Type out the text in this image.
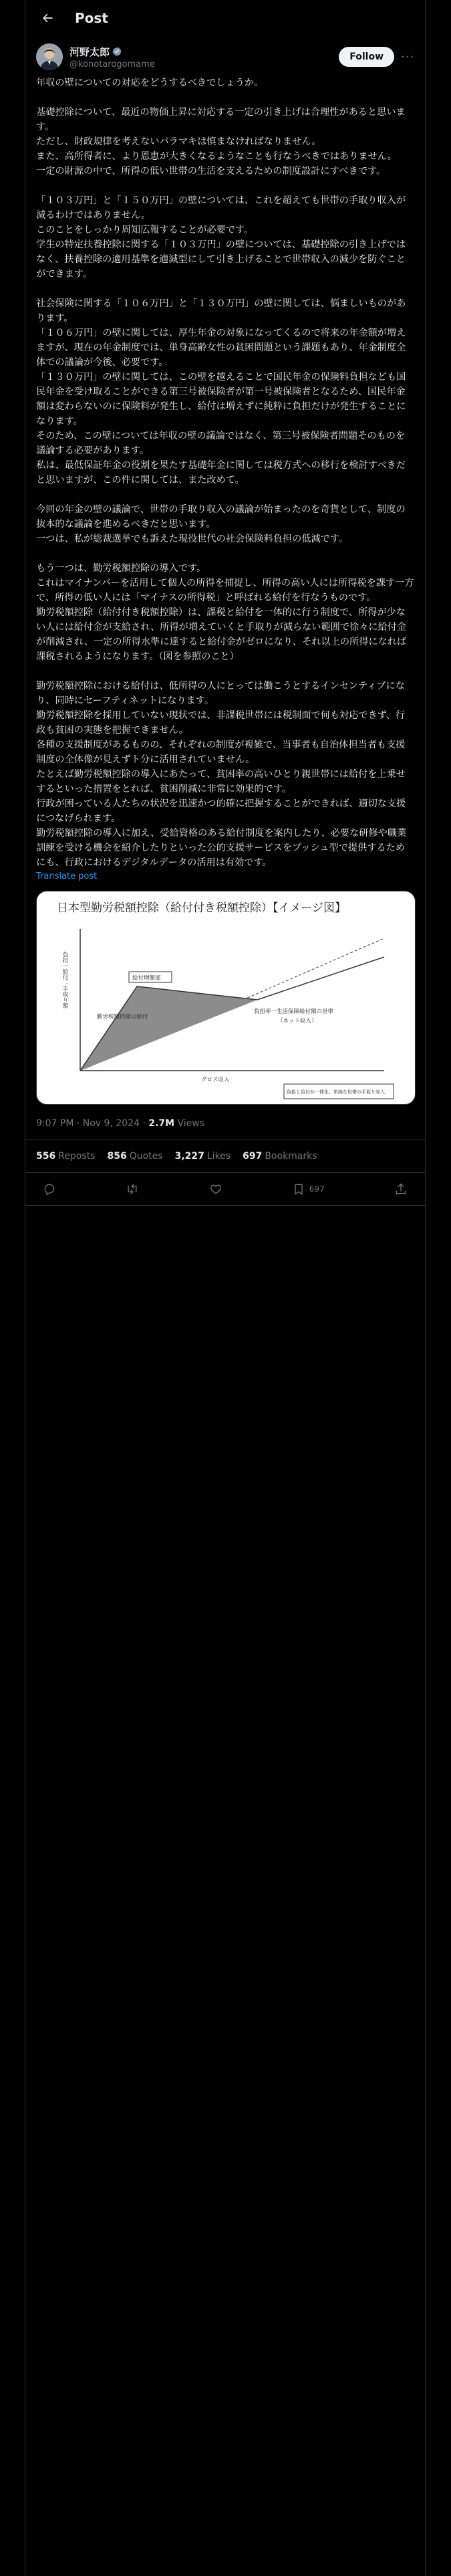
Post
河野太郎
@konotarogomame
Follow	···
年収の壁についての対応をどうするべきでしょうか。

基礎控除について、最近の物価上昇に対応する一定の引き上げは合理性があると思います。
ただし、財政規律を考えないバラマキは慎まなければなりません。
また、高所得者に、より恩恵が大きくなるようなことも行なうべきではありません。
一定の財源の中で、所得の低い世帯の生活を支えるための制度設計にすべきです。

「１０３万円」と「１５０万円」の壁については、これを超えても世帯の手取り収入が減るわけではありません。
このことをしっかり周知広報することが必要です。
学生の特定扶養控除に関する「１０３万円」の壁については、基礎控除の引き上げではなく、扶養控除の適用基準を適減型にして引き上げることで世帯収入の減少を防ぐことができます。

社会保険に関する「１０６万円」と「１３０万円」の壁に関しては、悩ましいものがあります。
「１０６万円」の壁に関しては、厚生年金の対象になってくるので将来の年金額が増えますが、現在の年金制度では、単身高齢女性の貧困問題という課題もあり、年金制度全体での議論が今後、必要です。
「１３０万円」の壁に関しては、この壁を越えることで国民年金の保険料負担なども国民年金を受け取ることができる第三号被保険者が第一号被保険者となるため、国民年金額は変わらないのに保険料が発生し、給付は増えずに純粋に負担だけが発生することになります。
そのため、この壁については年収の壁の議論ではなく、第三号被保険者問題そのものを議論する必要があります。
私は、最低保証年金の役割を果たす基礎年金に関しては税方式への移行を検討すべきだと思いますが、この件に関しては、また改めて。

今回の年金の壁の議論で、世帯の手取り収入の議論が始まったのを奇貨として、制度の抜本的な議論を進めるべきだと思います。
一つは、私が総裁選挙でも訴えた現役世代の社会保険料負担の低減です。

もう一つは、勤労税額控除の導入です。
これはマイナンバーを活用して個人の所得を捕捉し、所得の高い人には所得税を課す一方で、所得の低い人には「マイナスの所得税」と呼ばれる給付を行なうものです。
勤労税額控除（給付付き税額控除）は、課税と給付を一体的に行う制度で、所得が少ない人には給付金が支給され、所得が増えていくと手取りが減らない範囲で徐々に給付金が削減され、一定の所得水準に達すると給付金がゼロになり、それ以上の所得になれば課税されるようになります。（図を参照のこと）

勤労税額控除における給付は、低所得の人にとっては働こうとするインセンティブになり、同時にセーフティネットになります。
勤労税額控除を採用していない現状では、非課税世帯には税制面で何も対応できず、行政も貧困の実態を把握できません。
各種の支援制度があるものの、それぞれの制度が複雑で、当事者も自治体担当者も支援制度の全体像が見えずト分に活用されていません。
たとえば勤労税額控除の導入にあたって、貧困率の高いひとり親世帯には給付を上乗せするといった措置をとれば、貧困削減に非常に効果的です。
行政が困っている人たちの状況を迅速かつ的確に把握することができれば、適切な支援につなげられます。
勤労税額控除の導入に加え、受給資格のある給付制度を案内したり、必要な研修や職業訓練を受ける機会を紹介したりといった公的支援サービスをプッシュ型で提供するためにも、行政におけるデジタルデータの活用は有効です。
Translate post
日本型勤労税額控除（給付付き税額控除）【イメージ図】
給付増額部
勤労税額控除の給付
負担率一生活保障給付額の世帯
（ネット収入）
負担一給付：手取り額
グロス収入
負担と給付が一体化、単純な世帯の手取り収入
9:07 PM · Nov 9, 2024 · 2.7M Views
556 Reposts 856 Quotes 3,227 Likes 697 Bookmarks
697
